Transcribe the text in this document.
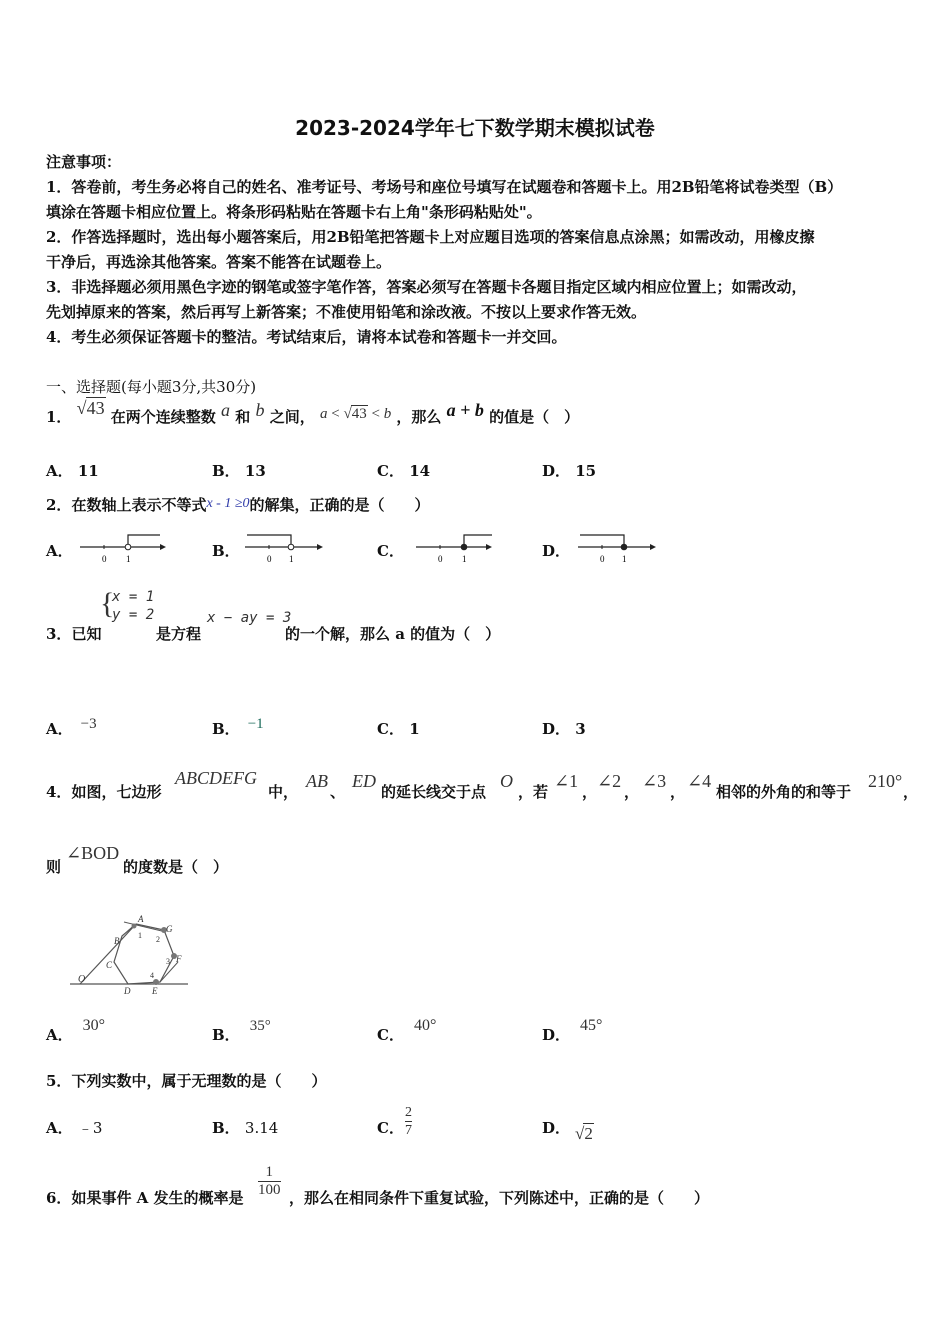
2023-2024学年七下数学期末模拟试卷
注意事项：
1．答卷前，考生务必将自己的姓名、准考证号、考场号和座位号填写在试题卷和答题卡上。用2B铅笔将试卷类型（B）
填涂在答题卡相应位置上。将条形码粘贴在答题卡右上角"条形码粘贴处"。
2．作答选择题时，选出每小题答案后，用2B铅笔把答题卡上对应题目选项的答案信息点涂黑；如需改动，用橡皮擦
干净后，再选涂其他答案。答案不能答在试题卷上。
3．非选择题必须用黑色字迹的钢笔或签字笔作答，答案必须写在答题卡各题目指定区域内相应位置上；如需改动，
先划掉原来的答案，然后再写上新答案；不准使用铅笔和涂改液。不按以上要求作答无效。
4．考生必须保证答题卡的整洁。考试结束后，请将本试卷和答题卡一并交回。
一、选择题(每小题3分,共30分)
1． √43 在两个连续整数 a 和 b 之间， a < √43 < b ，那么 a + b 的值是（　）
A． 11	B． 13	C． 14	D． 15
2．在数轴上表示不等式x - 1 ≥0的解集，正确的是（　　）
A．	B．	C．	D．
0 1	0 1	0 1	0 1
{
x = 1
y = 2
3．已知	是方程
x − ay = 3
的一个解，那么 a 的值为（　）
A． −3	B． −1	C． 1	D． 3
4．如图，七边形
ABCDEFG
中，
AB
、
ED
的延长线交于点
O
，若
∠1
，
∠2
，
∠3
，
∠4
相邻的外角的和等于
210°
，
则
∠BOD
的度数是（　）
O
B
A
G
C
D E
F
1 2
3
4
A．30°
B． 35°	C．40°
D．45°
5．下列实数中，属于无理数的是（　　）
A． ﹣3	B． 3.14	C． $\frac{2}{7}$	D． √2
6．如果事件 A 发生的概率是 $\frac{1}{100}$ ，那么在相同条件下重复试验，下列陈述中，正确的是（　　）
